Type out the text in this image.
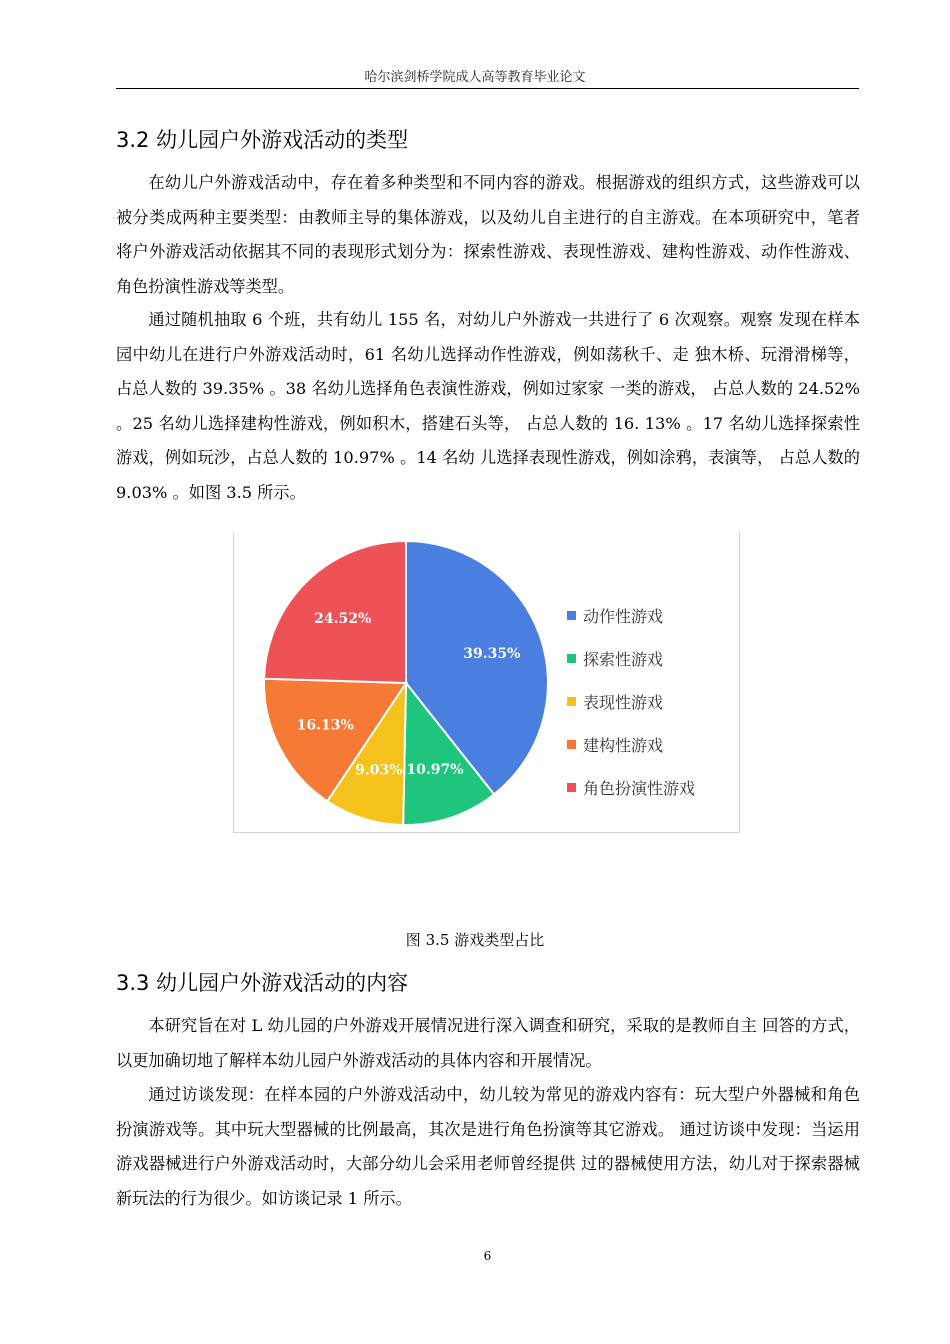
哈尔滨剑桥学院成人高等教育毕业论文
3.2 幼儿园户外游戏活动的类型

在幼儿户外游戏活动中，存在着多种类型和不同内容的游戏。根据游戏的组织方式，这些游戏可以被分类成两种主要类型：由教师主导的集体游戏，以及幼儿自主进行的自主游戏。在本项研究中，笔者将户外游戏活动依据其不同的表现形式划分为：探索性游戏、表现性游戏、建构性游戏、动作性游戏、角色扮演性游戏等类型。

通过随机抽取 6 个班，共有幼儿 155 名，对幼儿户外游戏一共进行了 6 次观察。观察 发现在样本园中幼儿在进行户外游戏活动时，61 名幼儿选择动作性游戏，例如荡秋千、走 独木桥、玩滑滑梯等， 占总人数的 39.35% 。38 名幼儿选择角色表演性游戏，例如过家家 一类的游戏， 占总人数的 24.52% 。25 名幼儿选择建构性游戏，例如积木，搭建石头等， 占总人数的 16. 13% 。17 名幼儿选择探索性游戏，例如玩沙，占总人数的 10.97% 。14 名幼 儿选择表现性游戏，例如涂鸦，表演等， 占总人数的 9.03% 。如图 3.5 所示。

39.35%
10.97%
9.03%
16.13%
24.52%	动作性游戏
探索性游戏
表现性游戏
建构性游戏
角色扮演性游戏
图 3.5 游戏类型占比
3.3 幼儿园户外游戏活动的内容

本研究旨在对 L 幼儿园的户外游戏开展情况进行深入调查和研究，采取的是教师自主 回答的方式，以更加确切地了解样本幼儿园户外游戏活动的具体内容和开展情况。

通过访谈发现：在样本园的户外游戏活动中，幼儿较为常见的游戏内容有：玩大型户外器械和角色扮演游戏等。其中玩大型器械的比例最高，其次是进行角色扮演等其它游戏。 通过访谈中发现：当运用游戏器械进行户外游戏活动时，大部分幼儿会采用老师曾经提供 过的器械使用方法，幼儿对于探索器械新玩法的行为很少。如访谈记录 1 所示。

6
